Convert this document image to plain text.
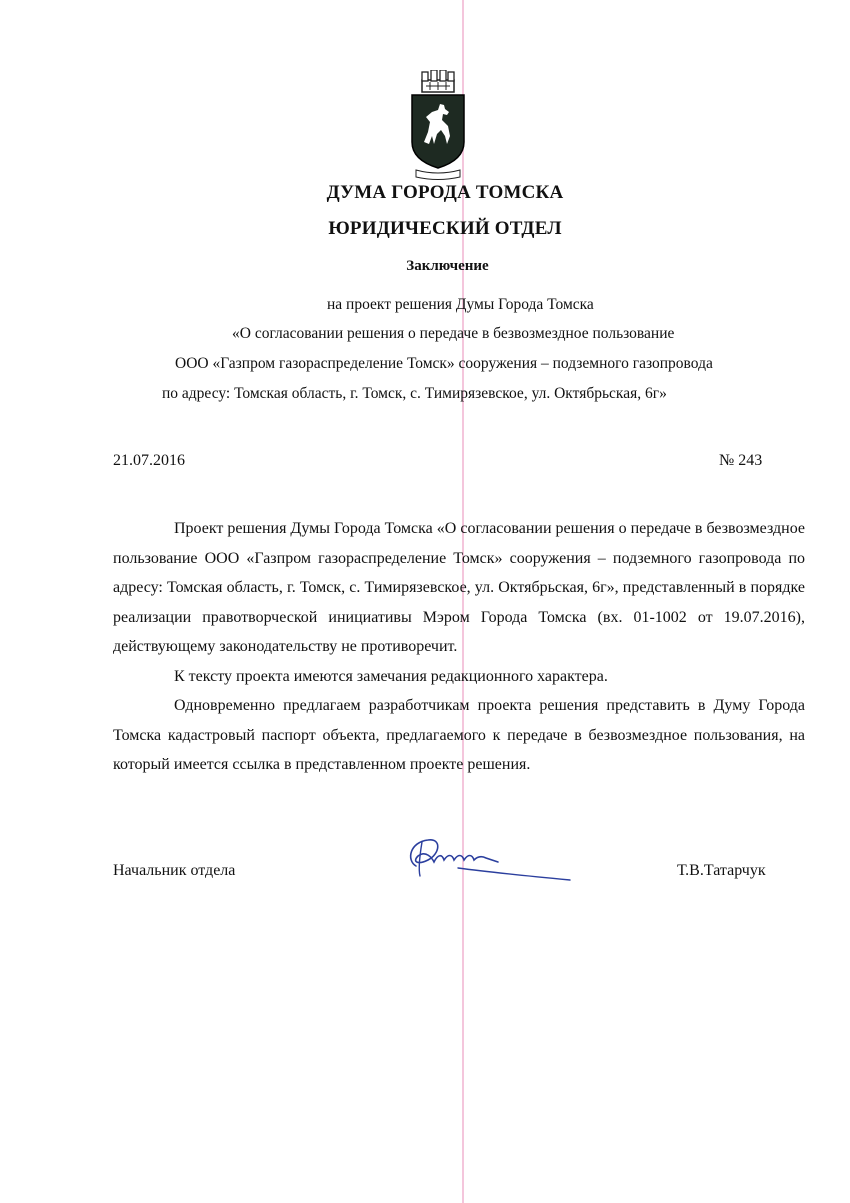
ДУМА ГОРОДА ТОМСКА
ЮРИДИЧЕСКИЙ ОТДЕЛ
Заключение
на проект решения Думы Города Томска
«О согласовании решения о передаче в безвозмездное пользование
ООО «Газпром газораспределение Томск» сооружения – подземного газопровода
по адресу: Томская область, г. Томск, с. Тимирязевское, ул. Октябрьская, 6г»
21.07.2016	№ 243

Проект решения Думы Города Томска «О согласовании решения о передаче в безвозмездное пользование ООО «Газпром газораспределение Томск» сооружения – подземного газопровода по адресу: Томская область, г. Томск, с. Тимирязевское, ул. Октябрьская, 6г», представленный в порядке реализации правотворческой инициативы Мэром Города Томска (вх. 01-1002 от 19.07.2016), действующему законодательству не противоречит.

К тексту проекта имеются замечания редакционного характера.

Одновременно предлагаем разработчикам проекта решения представить в Думу Города Томска кадастровый паспорт объекта, предлагаемого к передаче в безвозмездное пользования, на который имеется ссылка в представленном проекте решения.

Начальник отдела	Т.В.Татарчук
